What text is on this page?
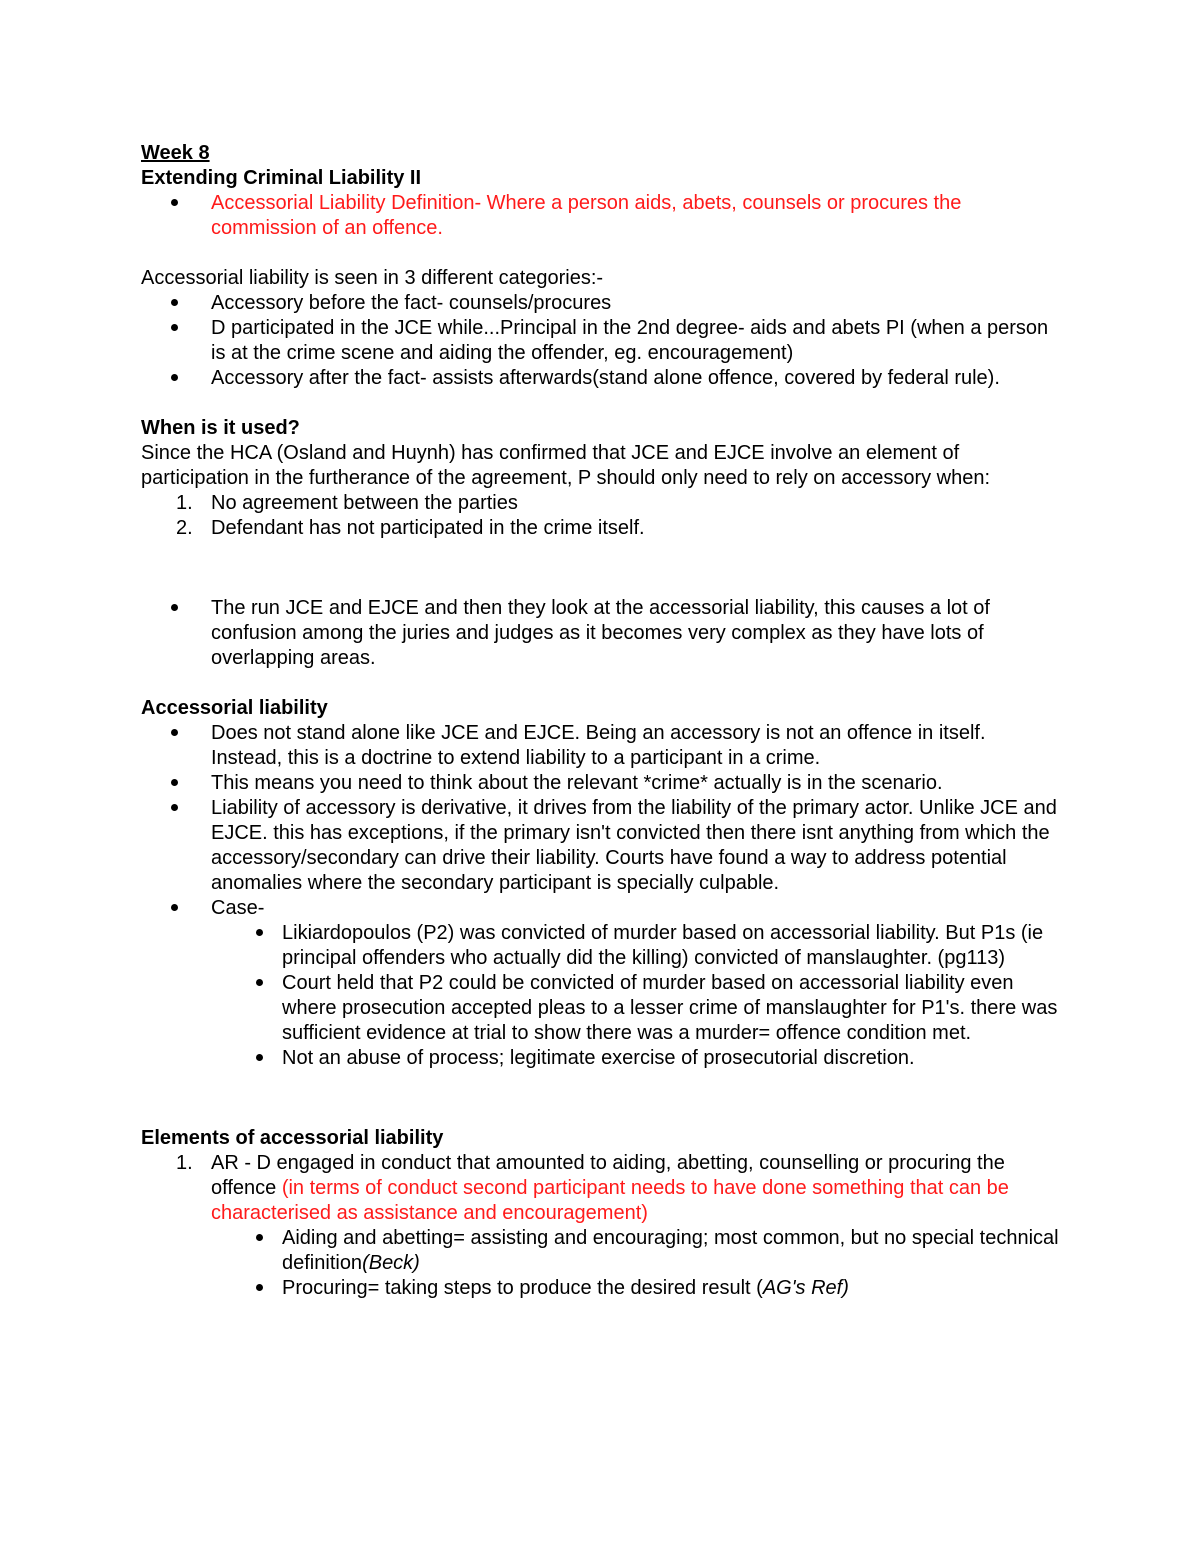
Week 8

Extending Criminal Liability II

Accessorial Liability Definition- Where a person aids, abets, counsels or procures the commission of an offence.

Accessorial liability is seen in 3 different categories:-

Accessory before the fact- counsels/procures
D participated in the JCE while...Principal in the 2nd degree- aids and abets PI (when a person is at the crime scene and aiding the offender, eg. encouragement)
Accessory after the fact- assists afterwards(stand alone offence, covered by federal rule).

When is it used?

Since the HCA (Osland and Huynh) has confirmed that JCE and EJCE involve an element of participation in the furtherance of the agreement, P should only need to rely on accessory when:

1. No agreement between the parties
2. Defendant has not participated in the crime itself.
The run JCE and EJCE and then they look at the accessorial liability, this causes a lot of confusion among the juries and judges as it becomes very complex as they have lots of overlapping areas.

Accessorial liability

Does not stand alone like JCE and EJCE. Being an accessory is not an offence in itself. Instead, this is a doctrine to extend liability to a participant in a crime.
This means you need to think about the relevant *crime* actually is in the scenario.
Liability of accessory is derivative, it drives from the liability of the primary actor. Unlike JCE and EJCE. this has exceptions, if the primary isn't convicted then there isnt anything from which the accessory/secondary can drive their liability. Courts have found a way to address potential anomalies where the secondary participant is specially culpable.
Case-
Likiardopoulos (P2) was convicted of murder based on accessorial liability. But P1s (ie principal offenders who actually did the killing) convicted of manslaughter. (pg113)
Court held that P2 could be convicted of murder based on accessorial liability even where prosecution accepted pleas to a lesser crime of manslaughter for P1's. there was sufficient evidence at trial to show there was a murder= offence condition met.
Not an abuse of process; legitimate exercise of prosecutorial discretion.

Elements of accessorial liability

1. AR - D engaged in conduct that amounted to aiding, abetting, counselling or procuring the offence (in terms of conduct second participant needs to have done something that can be characterised as assistance and encouragement)
Aiding and abetting= assisting and encouraging; most common, but no special technical definition(Beck)
Procuring= taking steps to produce the desired result (AG's Ref)
